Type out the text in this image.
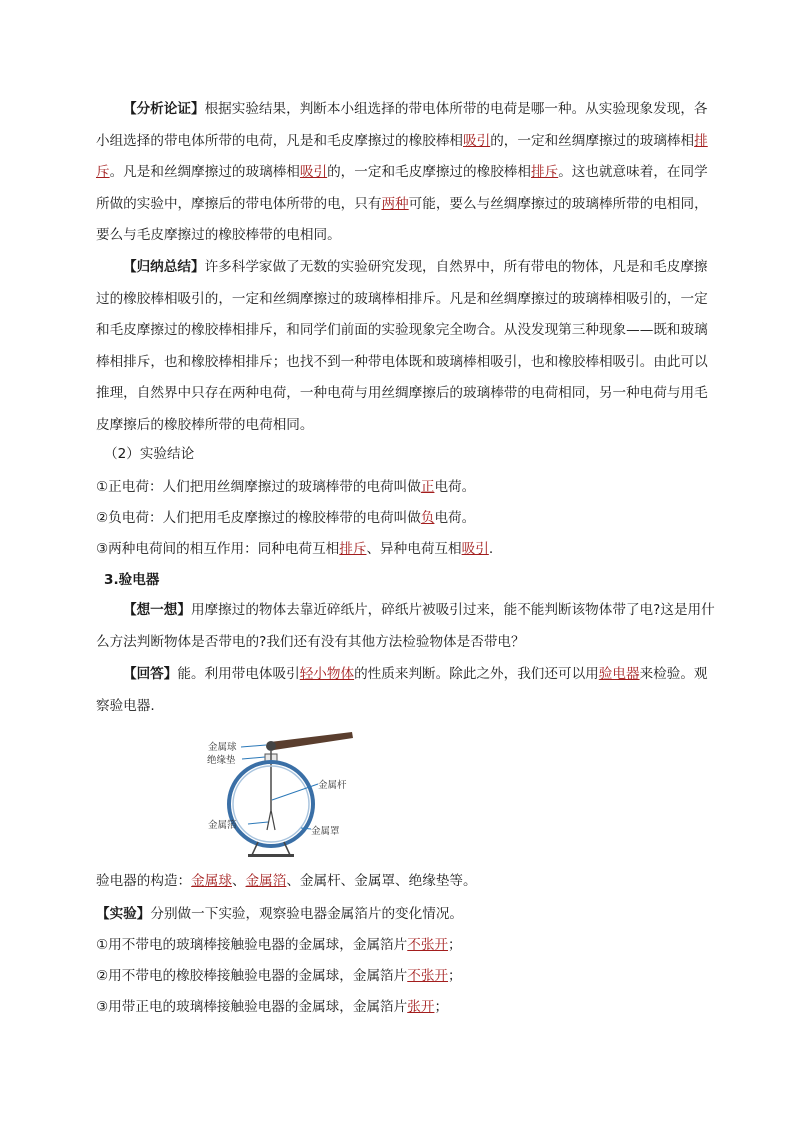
【分析论证】根据实验结果，判断本小组选择的带电体所带的电荷是哪一种。从实验现象发现，各小组选择的带电体所带的电荷，凡是和毛皮摩擦过的橡胶棒相吸引的，一定和丝绸摩擦过的玻璃棒相排斥。凡是和丝绸摩擦过的玻璃棒相吸引的，一定和毛皮摩擦过的橡胶棒相排斥。这也就意味着，在同学所做的实验中，摩擦后的带电体所带的电，只有两种可能，要么与丝绸摩擦过的玻璃棒所带的电相同，要么与毛皮摩擦过的橡胶棒带的电相同。

【归纳总结】许多科学家做了无数的实验研究发现，自然界中，所有带电的物体，凡是和毛皮摩擦过的橡胶棒相吸引的，一定和丝绸摩擦过的玻璃棒相排斥。凡是和丝绸摩擦过的玻璃棒相吸引的，一定和毛皮摩擦过的橡胶棒相排斥，和同学们前面的实验现象完全吻合。从没发现第三种现象——既和玻璃棒相排斥，也和橡胶棒相排斥；也找不到一种带电体既和玻璃棒相吸引，也和橡胶棒相吸引。由此可以推理，自然界中只存在两种电荷，一种电荷与用丝绸摩擦后的玻璃棒带的电荷相同，另一种电荷与用毛皮摩擦后的橡胶棒所带的电荷相同。

（2）实验结论

①正电荷：人们把用丝绸摩擦过的玻璃棒带的电荷叫做正电荷。

②负电荷：人们把用毛皮摩擦过的橡胶棒带的电荷叫做负电荷。

③两种电荷间的相互作用：同种电荷互相排斥、异种电荷互相吸引.

3.验电器

【想一想】用摩擦过的物体去靠近碎纸片，碎纸片被吸引过来，能不能判断该物体带了电?这是用什么方法判断物体是否带电的?我们还有没有其他方法检验物体是否带电？

【回答】能。利用带电体吸引轻小物体的性质来判断。除此之外，我们还可以用验电器来检验。观察验电器.

金属球
绝缘垫
金属杆
金属箔
金属罩

验电器的构造：金属球、金属箔、金属杆、金属罩、绝缘垫等。

【实验】分别做一下实验，观察验电器金属箔片的变化情况。

①用不带电的玻璃棒接触验电器的金属球，金属箔片不张开；

②用不带电的橡胶棒接触验电器的金属球，金属箔片不张开；

③用带正电的玻璃棒接触验电器的金属球，金属箔片张开；
